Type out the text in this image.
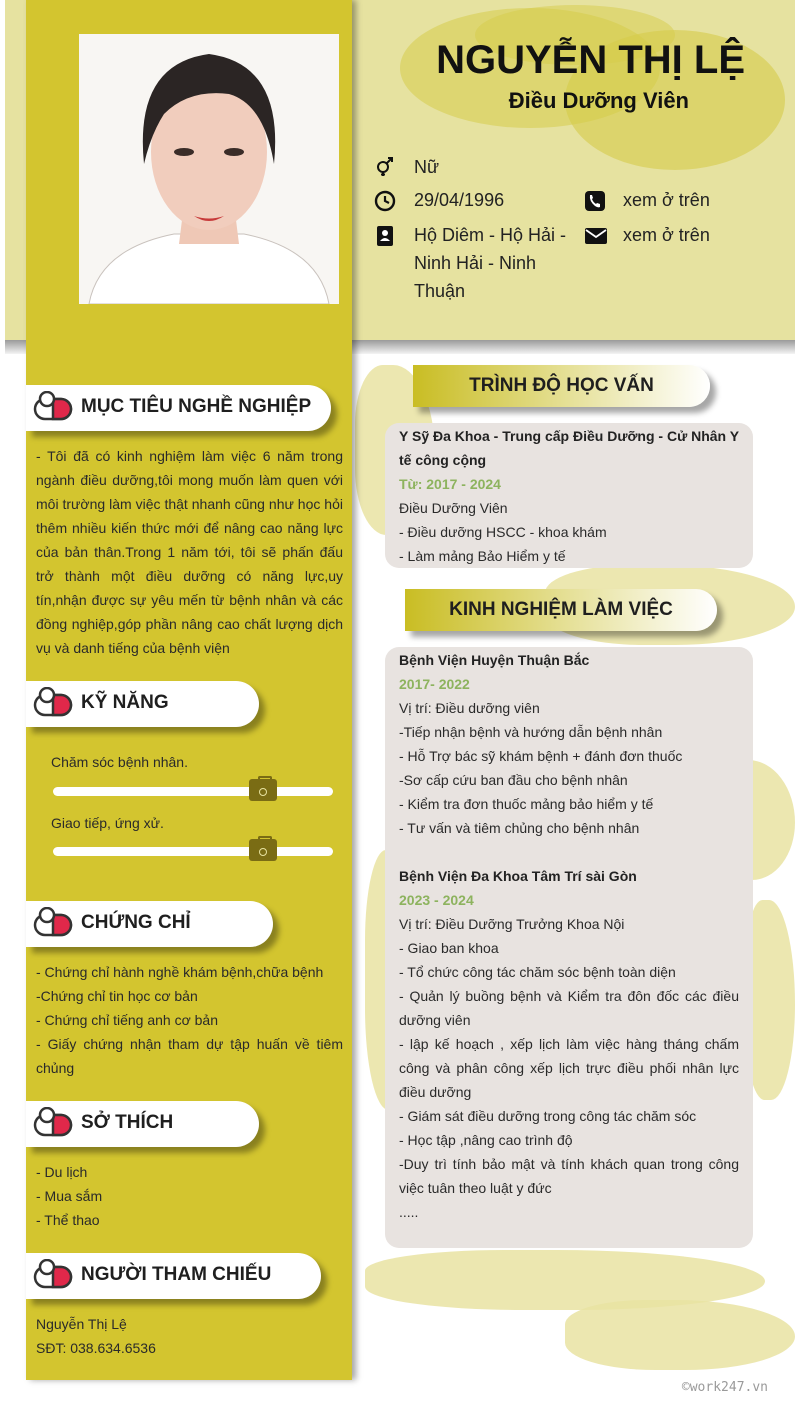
MỤC TIÊU NGHỀ NGHIỆP
- Tôi đã có kinh nghiệm làm việc 6 năm trong ngành điều dưỡng,tôi mong muốn làm quen với môi trường làm việc thật nhanh cũng như học hỏi thêm nhiều kiến thức mới để nâng cao năng lực của bản thân.Trong 1 năm tới, tôi sẽ phấn đấu trở thành một điều dưỡng có năng lực,uy tín,nhận được sự yêu mến từ bệnh nhân và các đồng nghiệp,góp phần nâng cao chất lượng dịch vụ và danh tiếng của bệnh viện
KỸ NĂNG
Chăm sóc bệnh nhân.
Giao tiếp, ứng xử.
CHỨNG CHỈ
- Chứng chỉ hành nghề khám bệnh,chữa bệnh
-Chứng chỉ tin học cơ bản
- Chứng chỉ tiếng anh cơ bản
- Giấy chứng nhận tham dự tập huấn về tiêm chủng
SỞ THÍCH
- Du lịch
- Mua sắm
- Thể thao
NGƯỜI THAM CHIẾU
Nguyễn Thị Lệ
SĐT: 038.634.6536
NGUYỄN THỊ LỆ
Điều Dưỡng Viên
Nữ
29/04/1996	xem ở trên
Hộ Diêm - Hộ Hải -
Ninh Hải - Ninh
Thuận
xem ở trên
TRÌNH ĐỘ HỌC VẤN
Y Sỹ Đa Khoa - Trung cấp Điều Dưỡng - Cử Nhân Y tế công cộng
Từ: 2017 - 2024
Điều Dưỡng Viên
- Điều dưỡng HSCC - khoa khám
- Làm mảng Bảo Hiểm y tế
KINH NGHIỆM LÀM VIỆC
Bệnh Viện Huyện Thuận Bắc
2017- 2022
Vị trí: Điều dưỡng viên
-Tiếp nhận bệnh và hướng dẫn bệnh nhân
- Hỗ Trợ bác sỹ khám bệnh + đánh đơn thuốc
-Sơ cấp cứu ban đầu cho bệnh nhân
- Kiểm tra đơn thuốc mảng bảo hiểm y tế
- Tư vấn và tiêm chủng cho bệnh nhân
Bệnh Viện Đa Khoa Tâm Trí sài Gòn
2023 - 2024
Vị trí: Điều Dưỡng Trưởng Khoa Nội
- Giao ban khoa
- Tổ chức công tác chăm sóc bệnh toàn diện
- Quản lý buồng bệnh và Kiểm tra đôn đốc các điều dưỡng viên
- lập kế hoạch , xếp lịch làm việc hàng tháng chấm công và phân công xếp lịch trực điều phối nhân lực điều dưỡng
- Giám sát điều dưỡng trong công tác chăm sóc
- Học tập ,nâng cao trình độ
-Duy trì tính bảo mật và tính khách quan trong công việc tuân theo luật y đức
.....
©work247.vn
